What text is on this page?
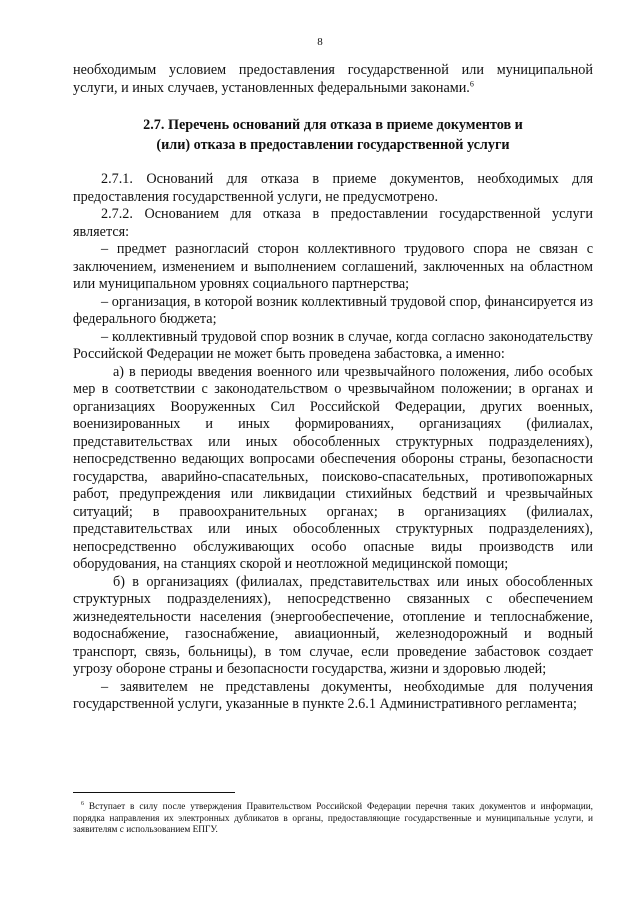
8

необходимым условием предоставления государственной или муниципальной услуги, и иных случаев, установленных федеральными законами.$^6$

2.7. Перечень оснований для отказа в приеме документов и
(или) отказа в предоставлении государственной услуги

2.7.1. Оснований для отказа в приеме документов, необходимых для предоставления государственной услуги, не предусмотрено.

2.7.2. Основанием для отказа в предоставлении государственной услуги является:

– предмет разногласий сторон коллективного трудового спора не связан с заключением, изменением и выполнением соглашений, заключенных на областном или муниципальном уровнях социального партнерства;

– организация, в которой возник коллективный трудовой спор, финансируется из федерального бюджета;

– коллективный трудовой спор возник в случае, когда согласно законодательству Российской Федерации не может быть проведена забастовка, а именно:

а) в периоды введения военного или чрезвычайного положения, либо особых мер в соответствии с законодательством о чрезвычайном положении; в органах и организациях Вооруженных Сил Российской Федерации, других военных, военизированных и иных формированиях, организациях (филиалах, представительствах или иных обособленных структурных подразделениях), непосредственно ведающих вопросами обеспечения обороны страны, безопасности государства, аварийно-спасательных, поисково-спасательных, противопожарных работ, предупреждения или ликвидации стихийных бедствий и чрезвычайных ситуаций; в правоохранительных органах; в организациях (филиалах, представительствах или иных обособленных структурных подразделениях), непосредственно обслуживающих особо опасные виды производств или оборудования, на станциях скорой и неотложной медицинской помощи;

б) в организациях (филиалах, представительствах или иных обособленных структурных подразделениях), непосредственно связанных с обеспечением жизнедеятельности населения (энергообеспечение, отопление и теплоснабжение, водоснабжение, газоснабжение, авиационный, железнодорожный и водный транспорт, связь, больницы), в том случае, если проведение забастовок создает угрозу обороне страны и безопасности государства, жизни и здоровью людей;

– заявителем не представлены документы, необходимые для получения государственной услуги, указанные в пункте 2.6.1 Административного регламента;

$^6$ Вступает в силу после утверждения Правительством Российской Федерации перечня таких документов и информации, порядка направления их электронных дубликатов в органы, предоставляющие государственные и муниципальные услуги, и заявителям с использованием ЕПГУ.
